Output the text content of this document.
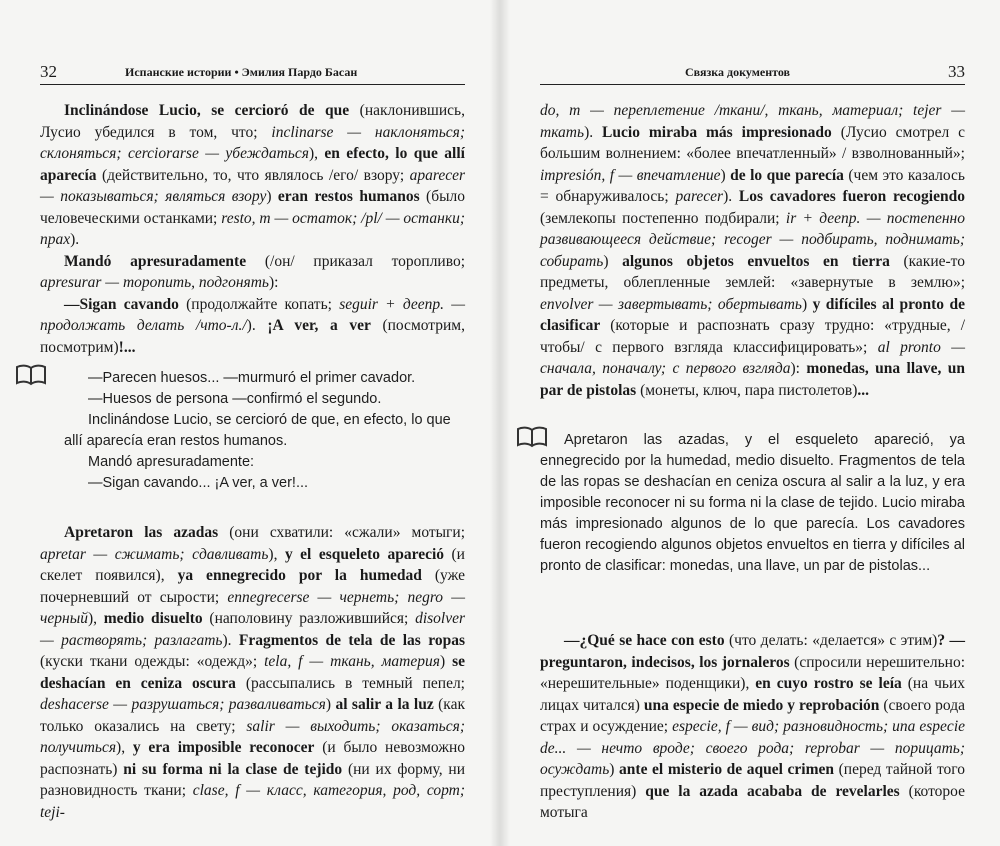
32	Испанские истории • Эмилия Пардо Басан

Inclinándose Lucio, se cercioró de que (наклонившись, Лусио убедился в том, что; inclinarse — наклоняться; склоняться; cerciorarse — убеждаться), en efecto, lo que allí aparecía (действительно, то, что являлось /его/ взору; aparecer — показываться; являться взору) eran restos humanos (было человеческими останками; resto, m — остаток; /pl/ — останки; прах).

Mandó apresuradamente (/он/ приказал торопливо; apresurar — торопить, подгонять):

—Sigan cavando (продолжайте копать; seguir + деепр. — продолжать делать /что-л./). ¡A ver, a ver (посмотрим, посмотрим)!...

—Parecen huesos... —murmuró el primer cavador.

—Huesos de persona —confirmó el segundo.

Inclinándose Lucio, se cercioró de que, en efecto, lo que allí aparecía eran restos humanos.

Mandó apresuradamente:

—Sigan cavando... ¡A ver, a ver!...

Apretaron las azadas (они схватили: «сжали» мотыги; apretar — сжимать; сдавливать), y el esqueleto apareció (и скелет появился), ya ennegrecido por la humedad (уже почерневший от сырости; ennegrecerse — чернеть; negro — черный), medio disuelto (наполовину разложившийся; disolver — растворять; разлагать). Fragmentos de tela de las ropas (куски ткани одежды: «одежд»; tela, f — ткань, материя) se deshacían en ceniza oscura (рассыпались в темный пепел; deshacerse — разрушаться; разваливаться) al salir a la luz (как только оказались на свету; salir — выходить; оказаться; получиться), y era imposible reconocer (и было невозможно распознать) ni su forma ni la clase de tejido (ни их форму, ни разновидность ткани; clase, f — класс, категория, род, сорт; teji-

Связка документов	33

do, m — переплетение /ткани/, ткань, материал; tejer — ткать). Lucio miraba más impresionado (Лусио смотрел с большим волнением: «более впечатленный» / взволнованный»; impresión, f — впечатление) de lo que parecía (чем это казалось = обнаруживалось; parecer). Los cavadores fueron recogiendo (землекопы постепенно подбирали; ir + деепр. — постепенно развивающееся действие; recoger — подбирать, поднимать; собирать) algunos objetos envueltos en tierra (какие-то предметы, облепленные землей: «завернутые в землю»; envolver — завертывать; обертывать) y difíciles al pronto de clasificar (которые и распознать сразу трудно: «трудные, /чтобы/ с первого взгляда классифицировать»; al pronto — сначала, поначалу; с первого взгляда): monedas, una llave, un par de pistolas (монеты, ключ, пара пистолетов)...

Apretaron las azadas, y el esqueleto apareció, ya ennegrecido por la humedad, medio disuelto. Fragmentos de tela de las ropas se deshacían en ceniza oscura al salir a la luz, y era imposible reconocer ni su forma ni la clase de tejido. Lucio miraba más impresionado algunos de lo que parecía. Los cavadores fueron recogiendo algunos objetos envueltos en tierra y difíciles al pronto de clasificar: monedas, una llave, un par de pistolas...

—¿Qué se hace con esto (что делать: «делается» с этим)? —preguntaron, indecisos, los jornaleros (спросили нерешительно: «нерешительные» поденщики), en cuyo rostro se leía (на чьих лицах читался) una especie de miedo y reprobación (своего рода страх и осуждение; especie, f — вид; разновидность; una especie de... — нечто вроде; своего рода; reprobar — порицать; осуждать) ante el misterio de aquel crimen (перед тайной того преступления) que la azada acababa de revelarles (которое мотыга
